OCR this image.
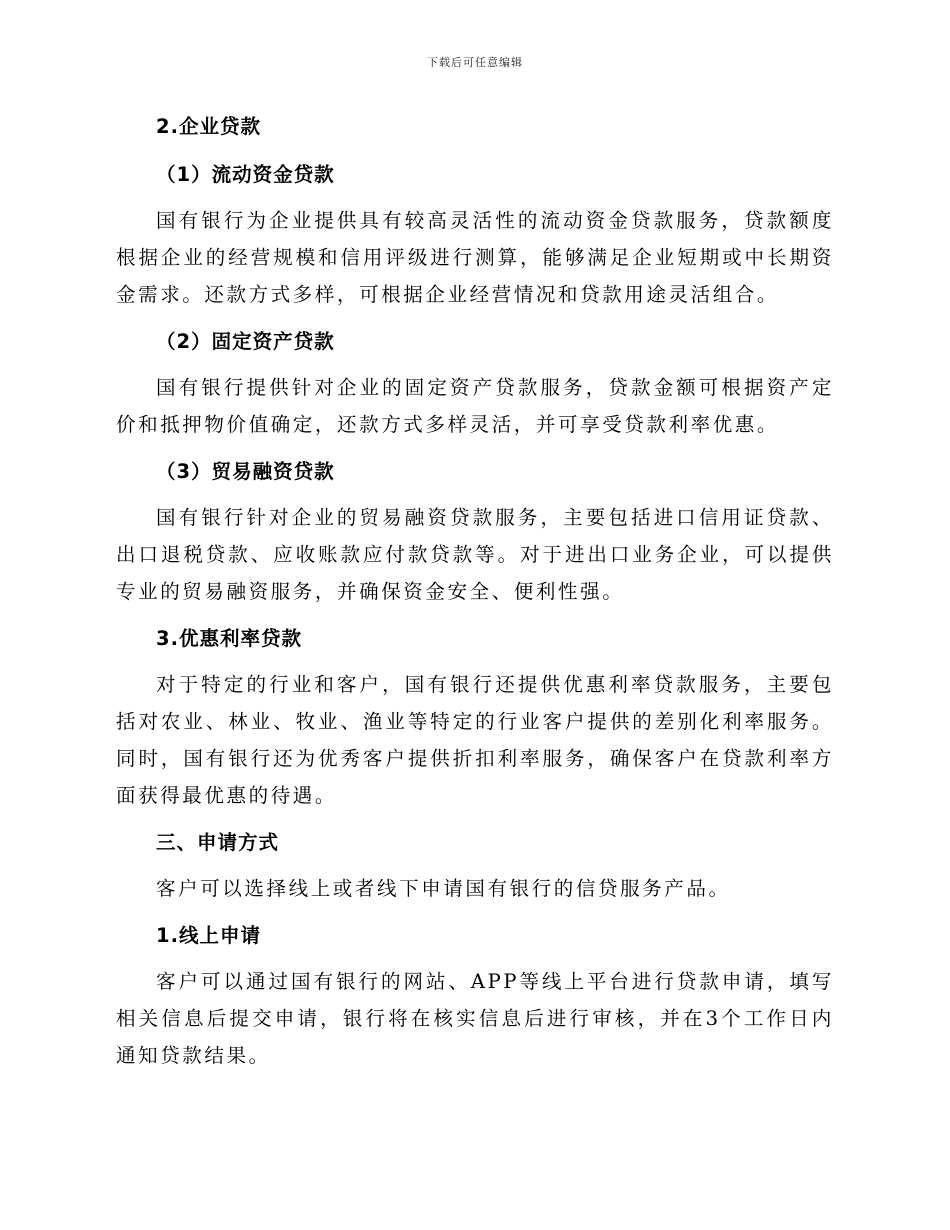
下载后可任意编辑
2.企业贷款
（1）流动资金贷款

国有银行为企业提供具有较高灵活性的流动资金贷款服务，贷款额度根据企业的经营规模和信用评级进行测算，能够满足企业短期或中长期资金需求。还款方式多样，可根据企业经营情况和贷款用途灵活组合。

（2）固定资产贷款

国有银行提供针对企业的固定资产贷款服务，贷款金额可根据资产定价和抵押物价值确定，还款方式多样灵活，并可享受贷款利率优惠。

（3）贸易融资贷款

国有银行针对企业的贸易融资贷款服务，主要包括进口信用证贷款、出口退税贷款、应收账款应付款贷款等。对于进出口业务企业，可以提供专业的贸易融资服务，并确保资金安全、便利性强。

3.优惠利率贷款

对于特定的行业和客户，国有银行还提供优惠利率贷款服务，主要包括对农业、林业、牧业、渔业等特定的行业客户提供的差别化利率服务。同时，国有银行还为优秀客户提供折扣利率服务，确保客户在贷款利率方面获得最优惠的待遇。

三、申请方式

客户可以选择线上或者线下申请国有银行的信贷服务产品。

1.线上申请

客户可以通过国有银行的网站、APP等线上平台进行贷款申请，填写相关信息后提交申请，银行将在核实信息后进行审核，并在3个工作日内通知贷款结果。
